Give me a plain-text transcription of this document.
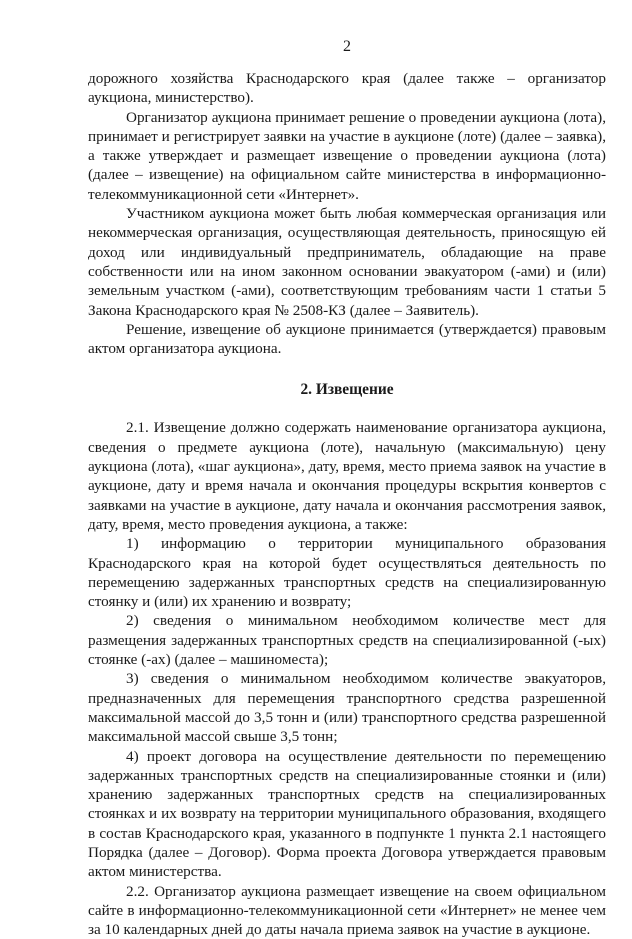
2

дорожного хозяйства Краснодарского края (далее также – организатор аукциона, министерство).

Организатор аукциона принимает решение о проведении аукциона (лота), принимает и регистрирует заявки на участие в аукционе (лоте) (далее – заявка), а также утверждает и размещает извещение о проведении аукциона (лота) (далее – извещение) на официальном сайте министерства в информационно-телекоммуникационной сети «Интернет».

Участником аукциона может быть любая коммерческая организация или некоммерческая организация, осуществляющая деятельность, приносящую ей доход или индивидуальный предприниматель, обладающие на праве собственности или на ином законном основании эвакуатором (-ами) и (или) земельным участком (-ами), соответствующим требованиям части 1 статьи 5 Закона Краснодарского края № 2508-КЗ (далее – Заявитель).

Решение, извещение об аукционе принимается (утверждается) правовым актом организатора аукциона.

2. Извещение

2.1. Извещение должно содержать наименование организатора аукциона, сведения о предмете аукциона (лоте), начальную (максимальную) цену аукциона (лота), «шаг аукциона», дату, время, место приема заявок на участие в аукционе, дату и время начала и окончания процедуры вскрытия конвертов с заявками на участие в аукционе, дату начала и окончания рассмотрения заявок, дату, время, место проведения аукциона, а также:

1) информацию о территории муниципального образования Краснодарского края на которой будет осуществляться деятельность по перемещению задержанных транспортных средств на специализированную стоянку и (или) их хранению и возврату;

2) сведения о минимальном необходимом количестве мест для размещения задержанных транспортных средств на специализированной (-ых) стоянке (-ах) (далее – машиноместа);

3) сведения о минимальном необходимом количестве эвакуаторов, предназначенных для перемещения транспортного средства разрешенной максимальной массой до 3,5 тонн и (или) транспортного средства разрешенной максимальной массой свыше 3,5 тонн;

4) проект договора на осуществление деятельности по перемещению задержанных транспортных средств на специализированные стоянки и (или) хранению задержанных транспортных средств на специализированных стоянках и их возврату на территории муниципального образования, входящего в состав Краснодарского края, указанного в подпункте 1 пункта 2.1 настоящего Порядка (далее – Договор). Форма проекта Договора утверждается правовым актом министерства.

2.2. Организатор аукциона размещает извещение на своем официальном сайте в информационно-телекоммуникационной сети «Интернет» не менее чем за 10 календарных дней до даты начала приема заявок на участие в аукционе.
